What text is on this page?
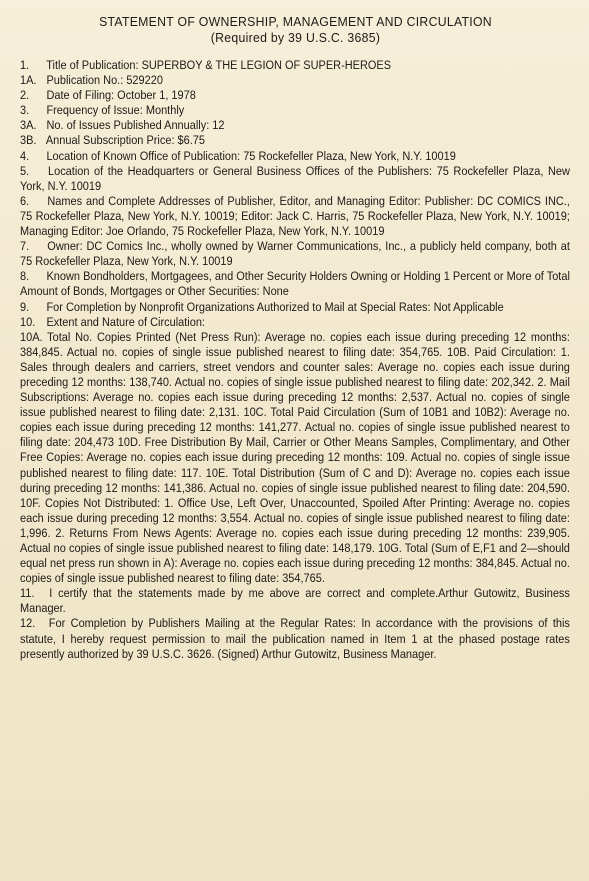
STATEMENT OF OWNERSHIP, MANAGEMENT AND CIRCULATION

(Required by 39 U.S.C. 3685)

1. Title of Publication: SUPERBOY & THE LEGION OF SUPER-HEROES

1A. Publication No.: 529220

2. Date of Filing: October 1, 1978

3. Frequency of Issue: Monthly

3A. No. of Issues Published Annually: 12

3B. Annual Subscription Price: $6.75

4. Location of Known Office of Publication: 75 Rockefeller Plaza, New York, N.Y. 10019

5. Location of the Headquarters or General Business Offices of the Publishers: 75 Rockefeller Plaza, New York, N.Y. 10019

6. Names and Complete Addresses of Publisher, Editor, and Managing Editor: Publisher: DC COMICS INC., 75 Rockefeller Plaza, New York, N.Y. 10019; Editor: Jack C. Harris, 75 Rockefeller Plaza, New York, N.Y. 10019; Managing Editor: Joe Orlando, 75 Rockefeller Plaza, New York, N.Y. 10019

7. Owner: DC Comics Inc., wholly owned by Warner Communications, Inc., a publicly held company, both at 75 Rockefeller Plaza, New York, N.Y. 10019

8. Known Bondholders, Mortgagees, and Other Security Holders Owning or Holding 1 Percent or More of Total Amount of Bonds, Mortgages or Other Securities: None

9. For Completion by Nonprofit Organizations Authorized to Mail at Special Rates: Not Applicable

10. Extent and Nature of Circulation:

10A. Total No. Copies Printed (Net Press Run): Average no. copies each issue during preceding 12 months: 384,845. Actual no. copies of single issue published nearest to filing date: 354,765. 10B. Paid Circulation: 1. Sales through dealers and carriers, street vendors and counter sales: Average no. copies each issue during preceding 12 months: 138,740. Actual no. copies of single issue published nearest to filing date: 202,342. 2. Mail Subscriptions: Average no. copies each issue during preceding 12 months: 2,537. Actual no. copies of single issue published nearest to filing date: 2,131. 10C. Total Paid Circulation (Sum of 10B1 and 10B2): Average no. copies each issue during preceding 12 months: 141,277. Actual no. copies of single issue published nearest to filing date: 204,473 10D. Free Distribution By Mail, Carrier or Other Means Samples, Complimentary, and Other Free Copies: Average no. copies each issue during preceding 12 months: 109. Actual no. copies of single issue published nearest to filing date: 117. 10E. Total Distribution (Sum of C and D): Average no. copies each issue during preceding 12 months: 141,386. Actual no. copies of single issue published nearest to filing date: 204,590. 10F. Copies Not Distributed: 1. Office Use, Left Over, Unaccounted, Spoiled After Printing: Average no. copies each issue during preceding 12 months: 3,554. Actual no. copies of single issue published nearest to filing date: 1,996. 2. Returns From News Agents: Average no. copies each issue during preceding 12 months: 239,905. Actual no copies of single issue published nearest to filing date: 148,179. 10G. Total (Sum of E,F1 and 2—should equal net press run shown in A): Average no. copies each issue during preceding 12 months: 384,845. Actual no. copies of single issue published nearest to filing date: 354,765.

11. I certify that the statements made by me above are correct and complete.Arthur Gutowitz, Business Manager.

12. For Completion by Publishers Mailing at the Regular Rates: In accordance with the provisions of this statute, I hereby request permission to mail the publication named in Item 1 at the phased postage rates presently authorized by 39 U.S.C. 3626. (Signed) Arthur Gutowitz, Business Manager.
